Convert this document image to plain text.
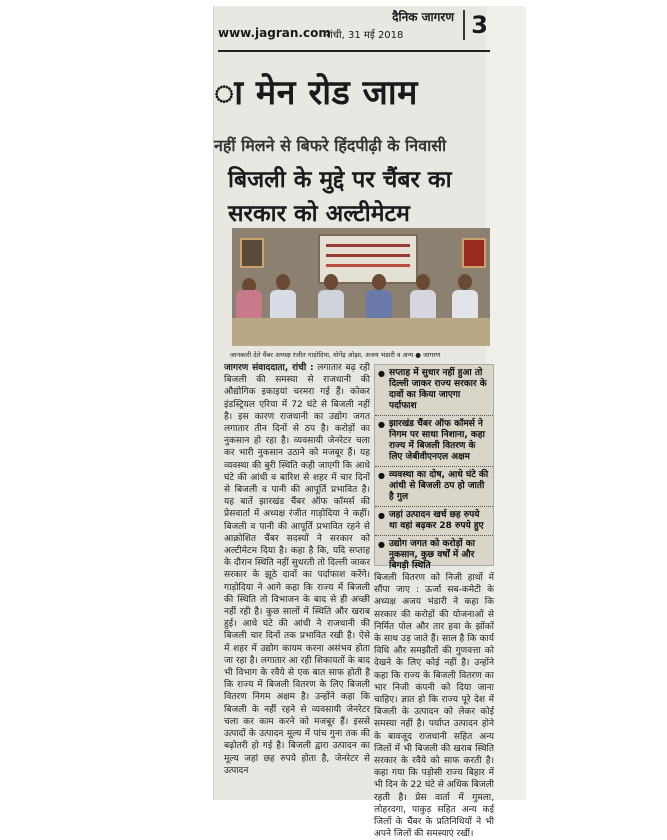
दैनिक जागरण
www.jagran.com
रांची, 31 मई 2018	3
ा मेन रोड जाम
नहीं मिलने से बिफरे हिंदपीढ़ी के निवासी
बिजली के मुद्दे पर चैंबर का
सरकार को अल्टीमेटम
जानकारी देते चैंबर अध्यक्ष रंजीत गाड़ोदिया, योगेंद्र ओझा, अजय भंडारी व अन्य ● जागरण
जागरण संवाददाता, रांची : लगातार बढ़ रही बिजली की समस्या से राजधानी की औद्योगिक इकाइयां चरमरा गई हैं। कोकर इंडस्ट्रियल एरिया में 72 घंटे से बिजली नहीं है। इस कारण राजधानी का उद्योग जगत लगातार तीन दिनों से ठप है। करोड़ों का नुकसान हो रहा है। व्यवसायी जेनरेटर चला कर भारी नुकसान उठाने को मजबूर हैं। यह व्यवस्था की बुरी स्थिति कही जाएगी कि आधे घंटे की आंधी व बारिश से शहर में चार दिनों से बिजली व पानी की आपूर्ति प्रभावित है। यह बातें झारखंड चैंबर ऑफ कॉमर्स की प्रेसवार्ता में अध्यक्ष रंजीत गाड़ोदिया ने कहीं। बिजली व पानी की आपूर्ति प्रभावित रहने से आक्रोशित चैंबर सदस्यों ने सरकार को अल्टीमेटम दिया है। कहा है कि, यदि सप्ताह के दौरान स्थिति नहीं सुधरती तो दिल्ली जाकर सरकार के झूठे दावों का पर्दाफाश करेंगे। गाड़ोदिया ने आगे कहा कि राज्य में बिजली की स्थिति तो विभाजन के बाद से ही अच्छी नहीं रही है। कुछ सालों में स्थिति और खराब हुई। आधे घंटे की आंधी ने राजधानी की बिजली चार दिनों तक प्रभावित रखी है। ऐसे में शहर में उद्योग कायम करना असंभव होता जा रहा है। लगातार आ रही शिकायतों के बाद भी विभाग के रवैये से एक बात साफ होती है कि राज्य में बिजली वितरण के लिए बिजली वितरण निगम अक्षम है। उन्होंने कहा कि बिजली के नहीं रहने से व्यवसायी जेनरेटर चला कर काम करने को मजबूर हैं। इससे उत्पादों के उत्पादन मूल्य में पांच गुना तक की बढ़ोतरी हो गई है। बिजली द्वारा उत्पादन का मूल्य जहां छह रुपये होता है, जेनरेटर से उत्पादन
● सप्ताह में सुधार नहीं हुआ तो दिल्ली जाकर राज्य सरकार के दावों का किया जाएगा पर्दाफाश
● झारखंड चैंबर ऑफ कॉमर्स ने निगम पर साधा निशाना, कहा राज्य में बिजली वितरण के लिए जेबीवीएनएल अक्षम
● व्यवस्था का दोष, आधे घंटे की आंधी से बिजली ठप हो जाती है गुल
● जहां उत्पादन खर्च छह रुपये था वहां बढ़कर 28 रुपये हुए
● उद्योग जगत को करोड़ों का नुकसान, कुछ वर्षों में और बिगड़ी स्थिति
बिजली वितरण को निजी हाथों में सौंपा जाए : ऊर्जा सब-कमेटी के अध्यक्ष अजय भंडारी ने कहा कि सरकार की करोड़ों की योजनाओं से निर्मित पोल और तार हवा के झोंकों के साथ उड़ जाते हैं। साल है कि कार्य विधि और समझौतों की गुणवत्ता को देखने के लिए कोई नहीं है। उन्होंने कहा कि राज्य के बिजली वितरण का भार निजी कंपनी को दिया जाना चाहिए। ज्ञात हो कि राज्य पूरे देश में बिजली के उत्पादन को लेकर कोई समस्या नहीं है। पर्याप्त उत्पादन होने के बावजूद राजधानी सहित अन्य जिलों में भी बिजली की खराब स्थिति सरकार के रवैये को साफ करती है। कहा गया कि पड़ोसी राज्य बिहार में भी दिन के 22 घंटे से अधिक बिजली रहती है। प्रेस वार्ता में गुमला, लोहरदगा, पाकुड़ सहित अन्य कई जिलों के चैंबर के प्रतिनिधियों ने भी अपने जिलों की समस्याएं रखीं।
